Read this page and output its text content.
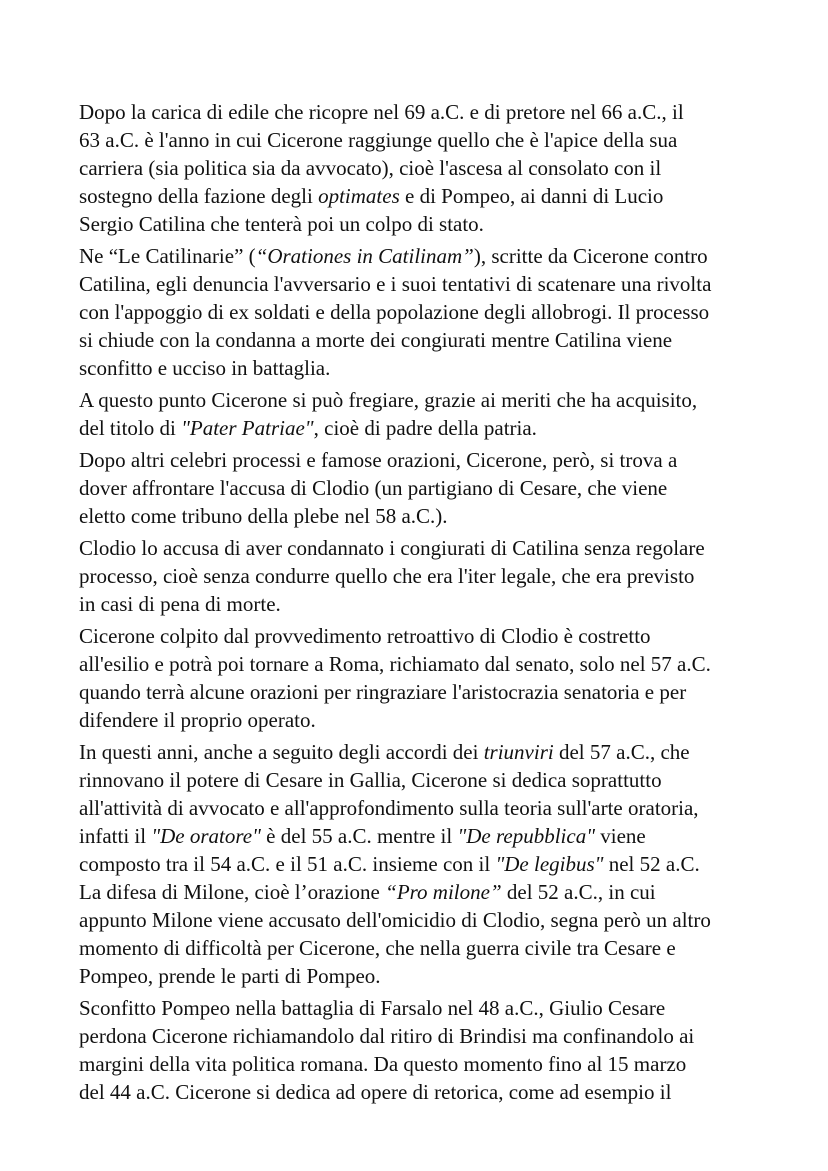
Dopo la carica di edile che ricopre nel 69 a.C. e di pretore nel 66 a.C., il
63 a.C. è l'anno in cui Cicerone raggiunge quello che è l'apice della sua
carriera (sia politica sia da avvocato), cioè l'ascesa al consolato con il
sostegno della fazione degli optimates e di Pompeo, ai danni di Lucio
Sergio Catilina che tenterà poi un colpo di stato.
Ne “Le Catilinarie” (“Orationes in Catilinam”), scritte da Cicerone contro
Catilina, egli denuncia l'avversario e i suoi tentativi di scatenare una rivolta
con l'appoggio di ex soldati e della popolazione degli allobrogi. Il processo
si chiude con la condanna a morte dei congiurati mentre Catilina viene
sconfitto e ucciso in battaglia.
A questo punto Cicerone si può fregiare, grazie ai meriti che ha acquisito,
del titolo di "Pater Patriae", cioè di padre della patria.
Dopo altri celebri processi e famose orazioni, Cicerone, però, si trova a
dover affrontare l'accusa di Clodio (un partigiano di Cesare, che viene
eletto come tribuno della plebe nel 58 a.C.).
Clodio lo accusa di aver condannato i congiurati di Catilina senza regolare
processo, cioè senza condurre quello che era l'iter legale, che era previsto
in casi di pena di morte.
Cicerone colpito dal provvedimento retroattivo di Clodio è costretto
all'esilio e potrà poi tornare a Roma, richiamato dal senato, solo nel 57 a.C.
quando terrà alcune orazioni per ringraziare l'aristocrazia senatoria e per
difendere il proprio operato.
In questi anni, anche a seguito degli accordi dei triunviri del 57 a.C., che
rinnovano il potere di Cesare in Gallia, Cicerone si dedica soprattutto
all'attività di avvocato e all'approfondimento sulla teoria sull'arte oratoria,
infatti il "De oratore" è del 55 a.C. mentre il "De repubblica" viene
composto tra il 54 a.C. e il 51 a.C. insieme con il "De legibus" nel 52 a.C.
La difesa di Milone, cioè l’orazione “Pro milone” del 52 a.C., in cui
appunto Milone viene accusato dell'omicidio di Clodio, segna però un altro
momento di difficoltà per Cicerone, che nella guerra civile tra Cesare e
Pompeo, prende le parti di Pompeo.
Sconfitto Pompeo nella battaglia di Farsalo nel 48 a.C., Giulio Cesare
perdona Cicerone richiamandolo dal ritiro di Brindisi ma confinandolo ai
margini della vita politica romana. Da questo momento fino al 15 marzo
del 44 a.C. Cicerone si dedica ad opere di retorica, come ad esempio il
